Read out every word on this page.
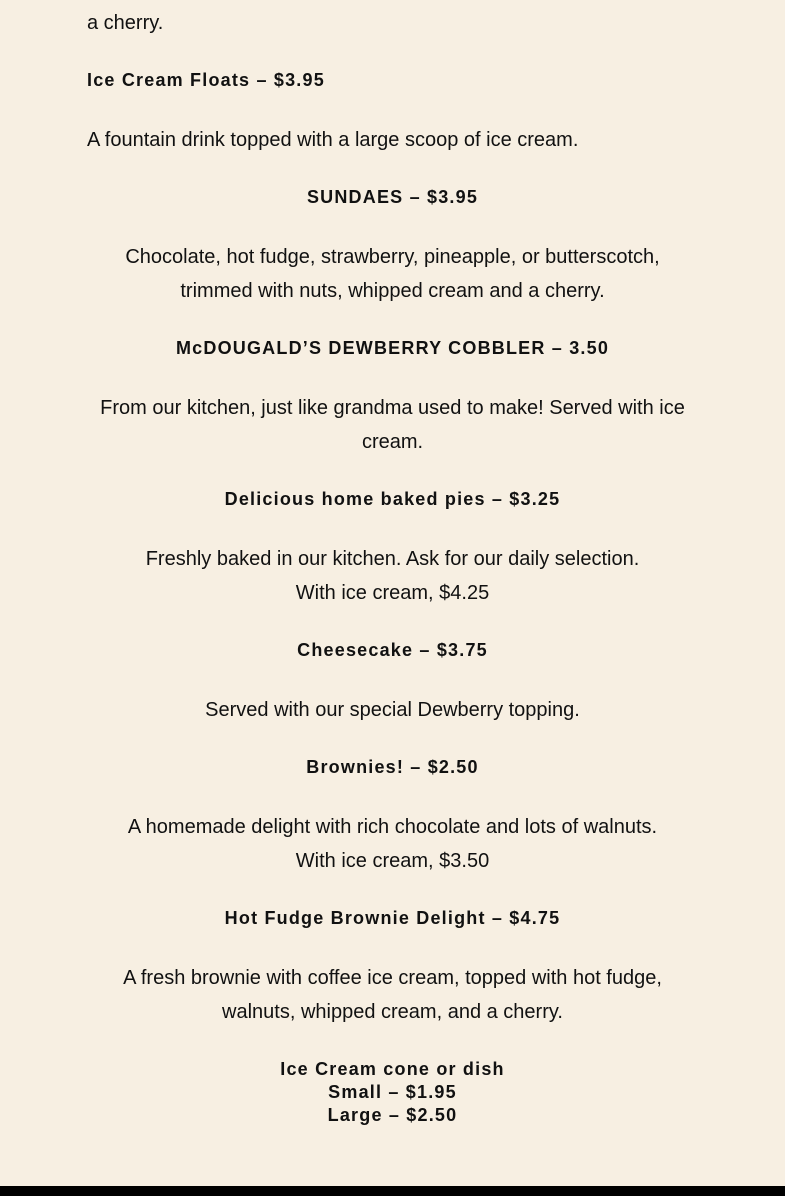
a cherry.

Ice Cream Floats – $3.95

A fountain drink topped with a large scoop of ice cream.

SUNDAES – $3.95

Chocolate, hot fudge, strawberry, pineapple, or butterscotch,
trimmed with nuts, whipped cream and a cherry.

McDOUGALD’S DEWBERRY COBBLER – 3.50

From our kitchen, just like grandma used to make! Served with ice
cream.

Delicious home baked pies – $3.25

Freshly baked in our kitchen. Ask for our daily selection.
With ice cream, $4.25

Cheesecake – $3.75

Served with our special Dewberry topping.

Brownies! – $2.50

A homemade delight with rich chocolate and lots of walnuts.
With ice cream, $3.50

Hot Fudge Brownie Delight – $4.75

A fresh brownie with coffee ice cream, topped with hot fudge,
walnuts, whipped cream, and a cherry.

Ice Cream cone or dish
Small – $1.95
Large – $2.50
